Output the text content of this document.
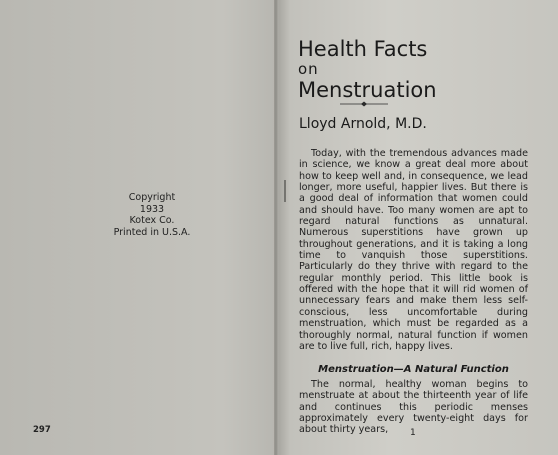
Copyright
1933
Kotex Co.
Printed in U.S.A.
297
Health Facts
on
Menstruation
Lloyd Arnold, M.D.
Today, with the tremendous advances made in science, we know a great deal more about how to keep well and, in consequence, we lead longer, more useful, happier lives. But there is a good deal of information that women could and should have. Too many women are apt to regard natural functions as unnatural. Numerous superstitions have grown up throughout generations, and it is taking a long time to vanquish those superstitions. Particularly do they thrive with regard to the regular monthly period. This little book is offered with the hope that it will rid women of unnecessary fears and make them less self-conscious, less uncomfortable during menstruation, which must be regarded as a thoroughly normal, natural function if women are to live full, rich, happy lives.
Menstruation—A Natural Function
The normal, healthy woman begins to menstruate at about the thirteenth year of life and continues this periodic menses approximately every twenty-eight days for about thirty years,	1
